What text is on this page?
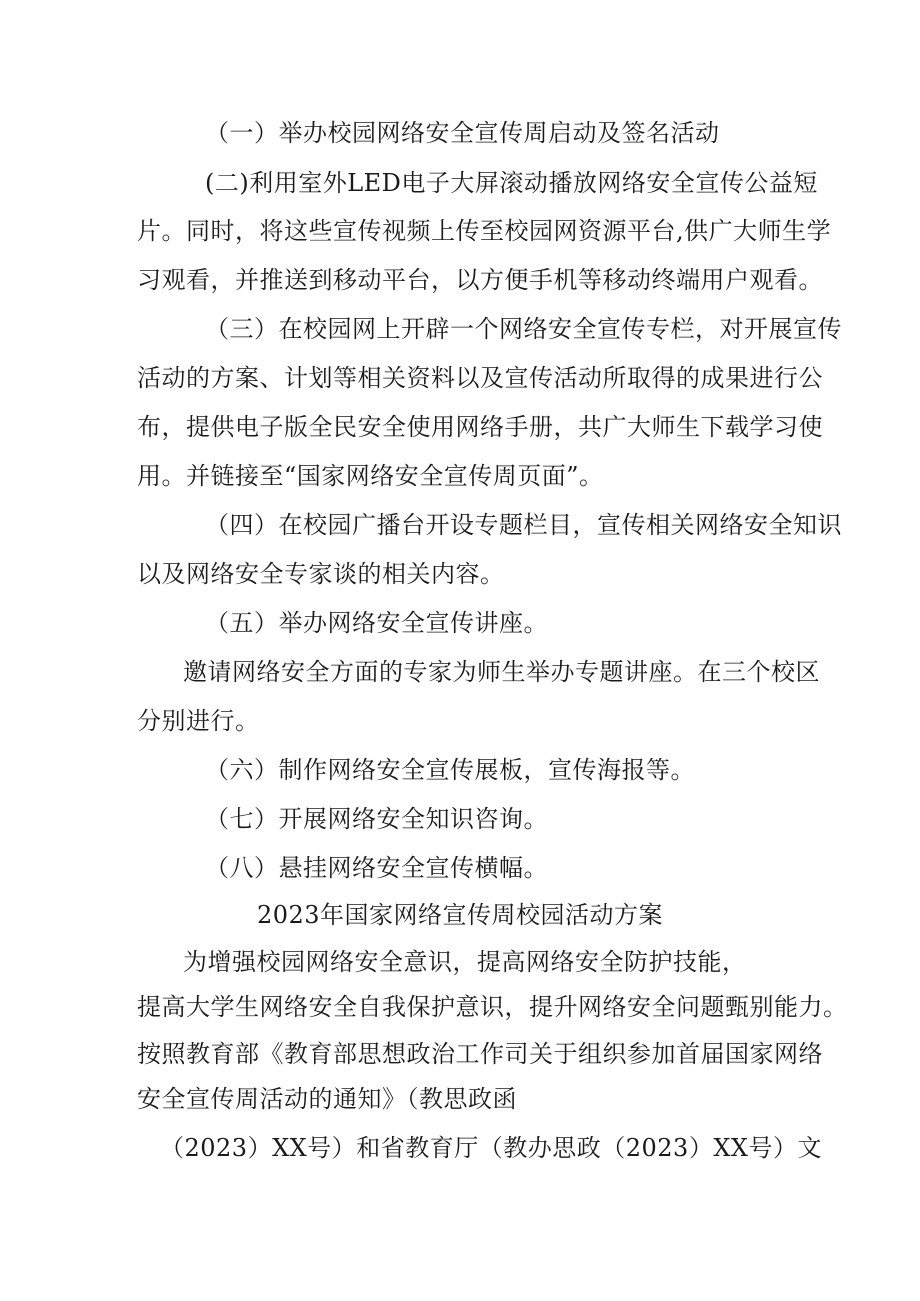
（一）举办校园网络安全宣传周启动及签名活动
(二)利用室外LED电子大屏滚动播放网络安全宣传公益短
片。同时，将这些宣传视频上传至校园网资源平台,供广大师生学
习观看，并推送到移动平台，以方便手机等移动终端用户观看。
（三）在校园网上开辟一个网络安全宣传专栏，对开展宣传
活动的方案、计划等相关资料以及宣传活动所取得的成果进行公
布，提供电子版全民安全使用网络手册，共广大师生下载学习使
用。并链接至“国家网络安全宣传周页面”。
（四）在校园广播台开设专题栏目，宣传相关网络安全知识
以及网络安全专家谈的相关内容。
（五）举办网络安全宣传讲座。
邀请网络安全方面的专家为师生举办专题讲座。在三个校区
分别进行。
（六）制作网络安全宣传展板，宣传海报等。
（七）开展网络安全知识咨询。
（八）悬挂网络安全宣传横幅。
2023年国家网络宣传周校园活动方案
为增强校园网络安全意识，提高网络安全防护技能，
提高大学生网络安全自我保护意识，提升网络安全问题甄别能力。
按照教育部《教育部思想政治工作司关于组织参加首届国家网络
安全宣传周活动的通知》（教思政函
（2023）XX号）和省教育厅（教办思政（2023）XX号）文
